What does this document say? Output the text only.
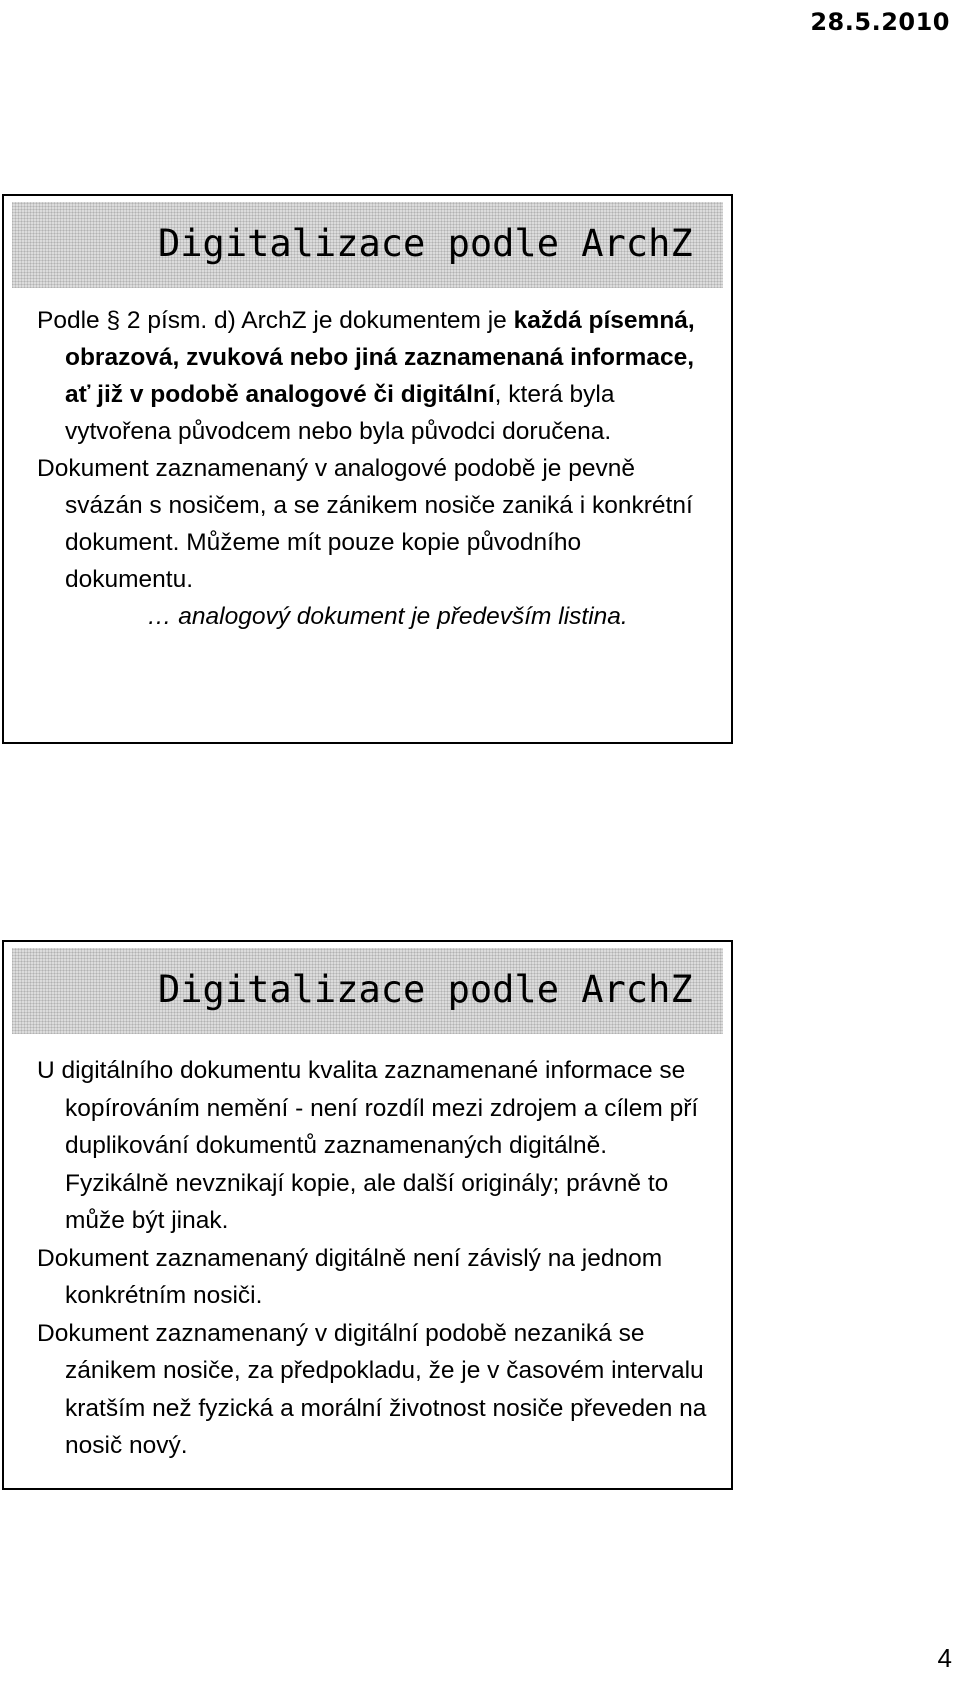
28.5.2010
Digitalizace podle ArchZ

Podle § 2 písm. d) ArchZ je dokumentem je každá písemná, obrazová, zvuková nebo jiná zaznamenaná informace, ať již v podobě analogové či digitální, která byla vytvořena původcem nebo byla původci doručena.

Dokument zaznamenaný v analogové podobě je pevně svázán s nosičem, a se zánikem nosiče zaniká i konkrétní dokument. Můžeme mít pouze kopie původního dokumentu.

… analogový dokument je především listina.

Digitalizace podle ArchZ

U digitálního dokumentu kvalita zaznamenané informace se kopírováním nemění - není rozdíl mezi zdrojem a cílem pří duplikování dokumentů zaznamenaných digitálně. Fyzikálně nevznikají kopie, ale další originály; právně to může být jinak.

Dokument zaznamenaný digitálně není závislý na jednom konkrétním nosiči.

Dokument zaznamenaný v digitální podobě nezaniká se zánikem nosiče, za předpokladu, že je v časovém intervalu kratším než fyzická a morální životnost nosiče převeden na nosič nový.

4
